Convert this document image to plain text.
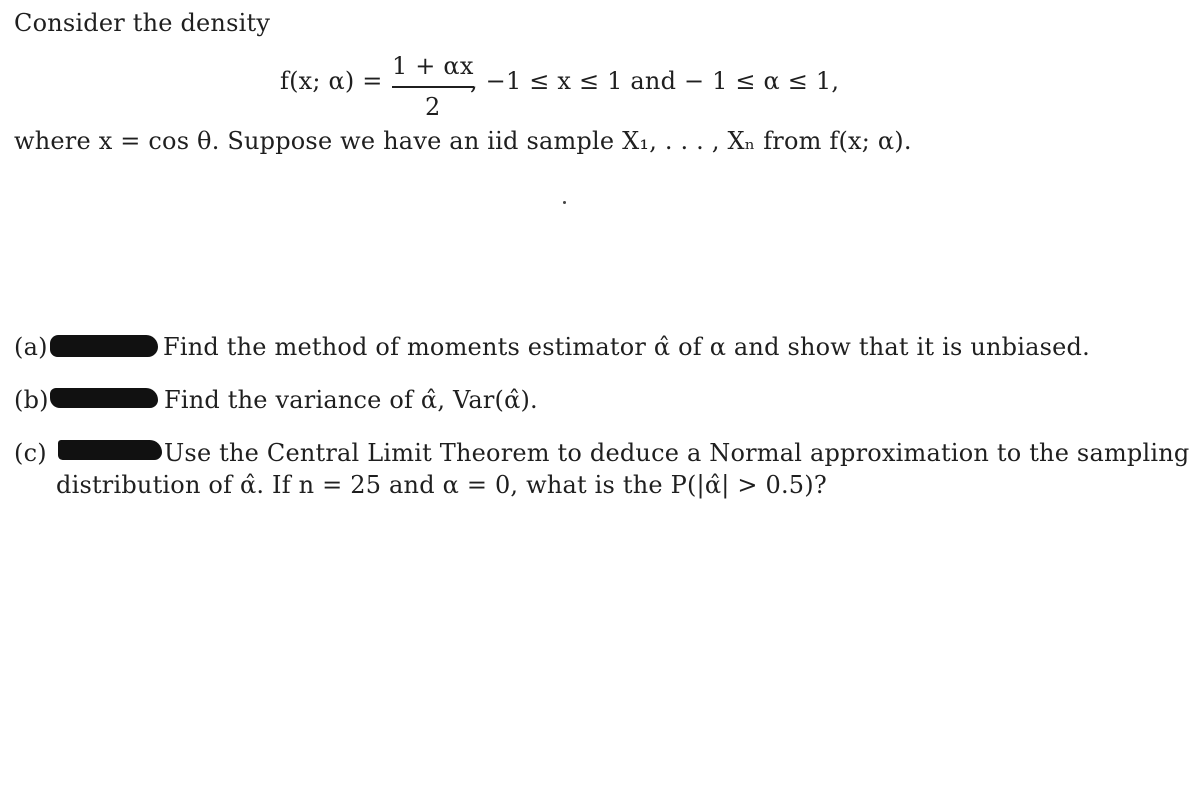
Consider the density
f(x; α) =
1 + αx
2
, −1 ≤ x ≤ 1 and − 1 ≤ α ≤ 1,
where x = cos θ. Suppose we have an iid sample X₁, . . . , Xₙ from f(x; α).
(a)	Find the method of moments estimator α̂ of α and show that it is unbiased.
(b)	Find the variance of α̂, Var(α̂).
(c)	Use the Central Limit Theorem to deduce a Normal approximation to the sampling
distribution of α̂. If n = 25 and α = 0, what is the P(|α̂| > 0.5)?
